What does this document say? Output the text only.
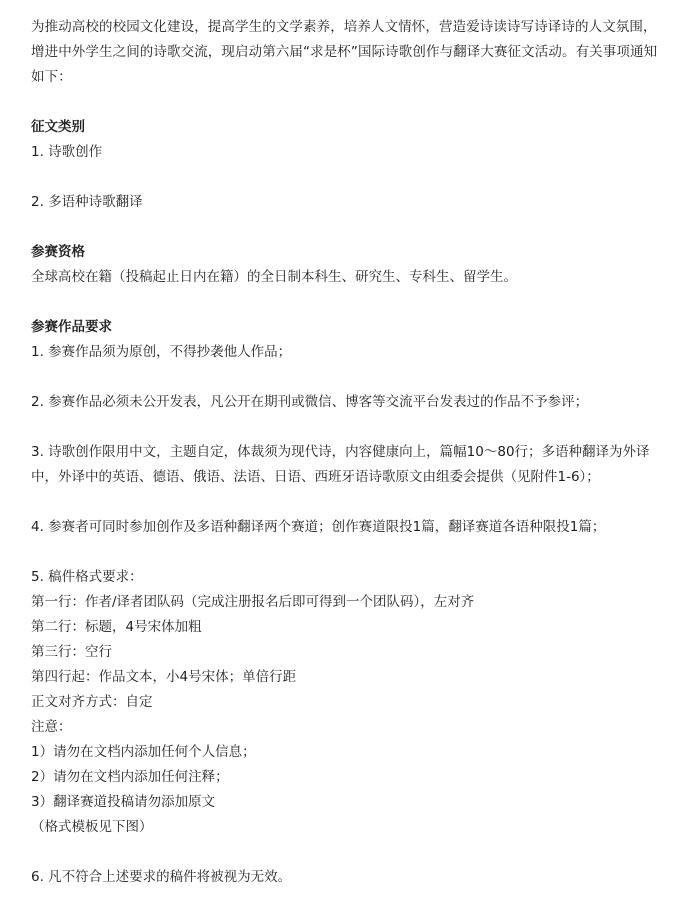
为推动高校的校园文化建设，提高学生的文学素养，培养人文情怀，营造爱诗读诗写诗译诗的人文氛围，增进中外学生之间的诗歌交流，现启动第六届“求是杯”国际诗歌创作与翻译大赛征文活动。有关事项通知如下：

征文类别

1. 诗歌创作

2. 多语种诗歌翻译

参赛资格

全球高校在籍（投稿起止日内在籍）的全日制本科生、研究生、专科生、留学生。

参赛作品要求

1. 参赛作品须为原创，不得抄袭他人作品；

2. 参赛作品必须未公开发表，凡公开在期刊或微信、博客等交流平台发表过的作品不予参评；

3. 诗歌创作限用中文，主题自定，体裁须为现代诗，内容健康向上，篇幅10～80行；多语种翻译为外译中，外译中的英语、德语、俄语、法语、日语、西班牙语诗歌原文由组委会提供（见附件1-6）；

4. 参赛者可同时参加创作及多语种翻译两个赛道；创作赛道限投1篇，翻译赛道各语种限投1篇；

5. 稿件格式要求：

第一行：作者/译者团队码（完成注册报名后即可得到一个团队码），左对齐

第二行：标题，4号宋体加粗

第三行：空行

第四行起：作品文本，小4号宋体；单倍行距

正文对齐方式：自定

注意：

1）请勿在文档内添加任何个人信息；

2）请勿在文档内添加任何注释；

3）翻译赛道投稿请勿添加原文

（格式模板见下图）

6. 凡不符合上述要求的稿件将被视为无效。
